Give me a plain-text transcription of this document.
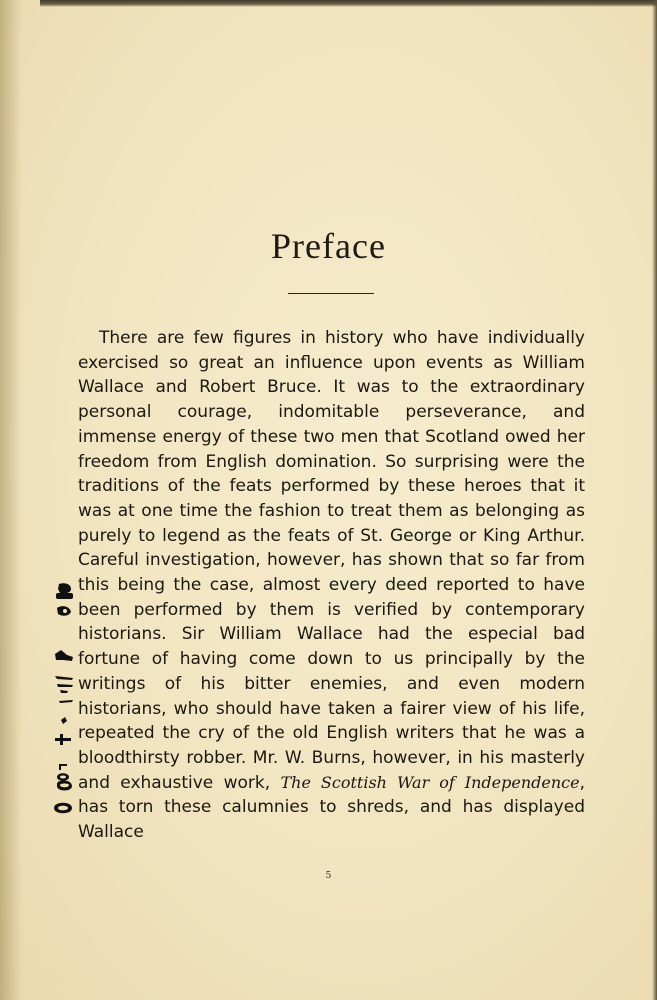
Preface

There are few figures in history who have individually exercised so great an influence upon events as William Wallace and Robert Bruce. It was to the extraordinary personal courage, indomitable perseverance, and immense energy of these two men that Scotland owed her freedom from English domination. So surprising were the traditions of the feats performed by these heroes that it was at one time the fashion to treat them as belonging as purely to legend as the feats of St. George or King Arthur. Careful investigation, however, has shown that so far from this being the case, almost every deed reported to have been performed by them is verified by contemporary historians. Sir William Wallace had the especial bad fortune of having come down to us principally by the writings of his bitter enemies, and even modern historians, who should have taken a fairer view of his life, repeated the cry of the old English writers that he was a bloodthirsty robber. Mr. W. Burns, however, in his masterly and exhaustive work, The Scottish War of Independence, has torn these calumnies to shreds, and has displayed Wallace

5
